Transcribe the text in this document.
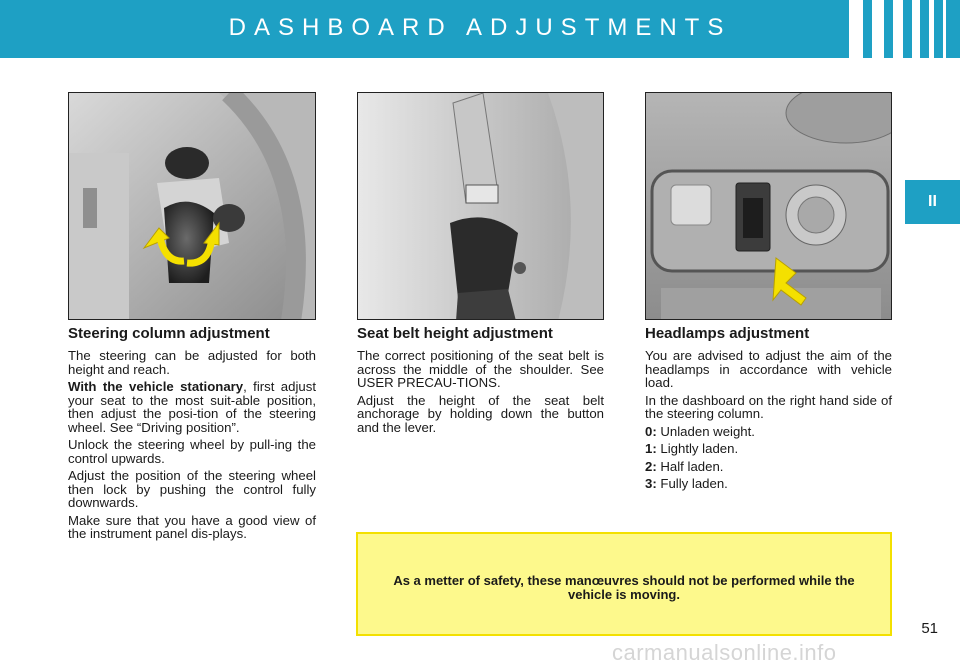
DASHBOARD ADJUSTMENTS
II
Steering column adjustment

The steering can be adjusted for both height and reach.

With the vehicle stationary, first adjust your seat to the most suit-able position, then adjust the posi-tion of the steering wheel. See “Driving position”.

Unlock the steering wheel by pull-ing the control upwards.

Adjust the position of the steering wheel then lock by pushing the control fully downwards.

Make sure that you have a good view of the instrument panel dis-plays.

Seat belt height adjustment

The correct positioning of the seat belt is across the middle of the shoulder. See USER PRECAU-TIONS.

Adjust the height of the seat belt anchorage by holding down the button and the lever.

Headlamps adjustment

You are advised to adjust the aim of the headlamps in accordance with vehicle load.

In the dashboard on the right hand side of the steering column.

0: Unladen weight.

1: Lightly laden.

2: Half laden.

3: Fully laden.

As a metter of safety, these manœuvres should not be performed while the vehicle is moving.

51
carmanualsonline.info
